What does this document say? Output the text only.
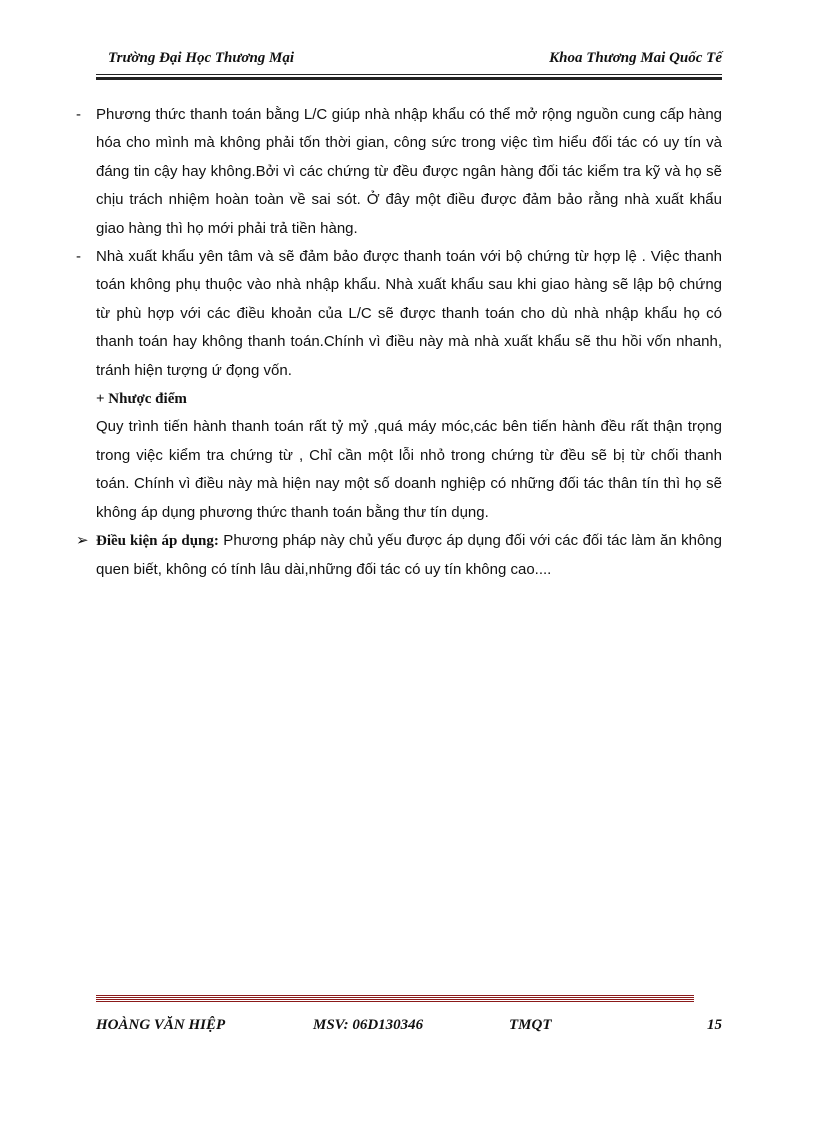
Trường Đại Học Thương Mại	Khoa Thương Mai Quốc Tế
-	Phương thức thanh toán bằng L/C giúp nhà nhập khẩu có thể mở rộng nguồn cung cấp hàng hóa cho mình mà không phải tốn thời gian, công sức trong việc tìm hiểu đối tác có uy tín và đáng tin cậy hay không.Bởi vì các chứng từ đều được ngân hàng đối tác kiểm tra kỹ và họ sẽ chịu trách nhiệm hoàn toàn về sai sót. Ở đây một điều được đảm bảo rằng nhà xuất khẩu giao hàng thì họ mới phải trả tiền hàng.
-	Nhà xuất khẩu yên tâm và sẽ đảm bảo được thanh toán với bộ chứng từ hợp lệ . Việc thanh toán không phụ thuộc vào nhà nhập khẩu. Nhà xuất khẩu sau khi giao hàng sẽ lập bộ chứng từ phù hợp với các điều khoản của L/C sẽ được thanh toán cho dù nhà nhập khẩu họ có thanh toán hay không thanh toán.Chính vì điều này mà nhà xuất khẩu sẽ thu hồi vốn nhanh, tránh hiện tượng ứ đọng vốn.
+ Nhược điểm
Quy trình tiến hành thanh toán rất tỷ mỷ ,quá máy móc,các bên tiến hành đều rất thận trọng trong việc kiểm tra chứng từ , Chỉ cần một lỗi nhỏ trong chứng từ đều sẽ bị từ chối thanh toán. Chính vì điều này mà hiện nay một số doanh nghiệp có những đối tác thân tín thì họ sẽ không áp dụng phương thức thanh toán bằng thư tín dụng.
➢ Điều kiện áp dụng: Phương pháp này chủ yếu được áp dụng đối với các đối tác làm ăn không quen biết, không có tính lâu dài,những đối tác có uy tín không cao....
HOÀNG VĂN HIỆP	MSV: 06D130346	TMQT	15
